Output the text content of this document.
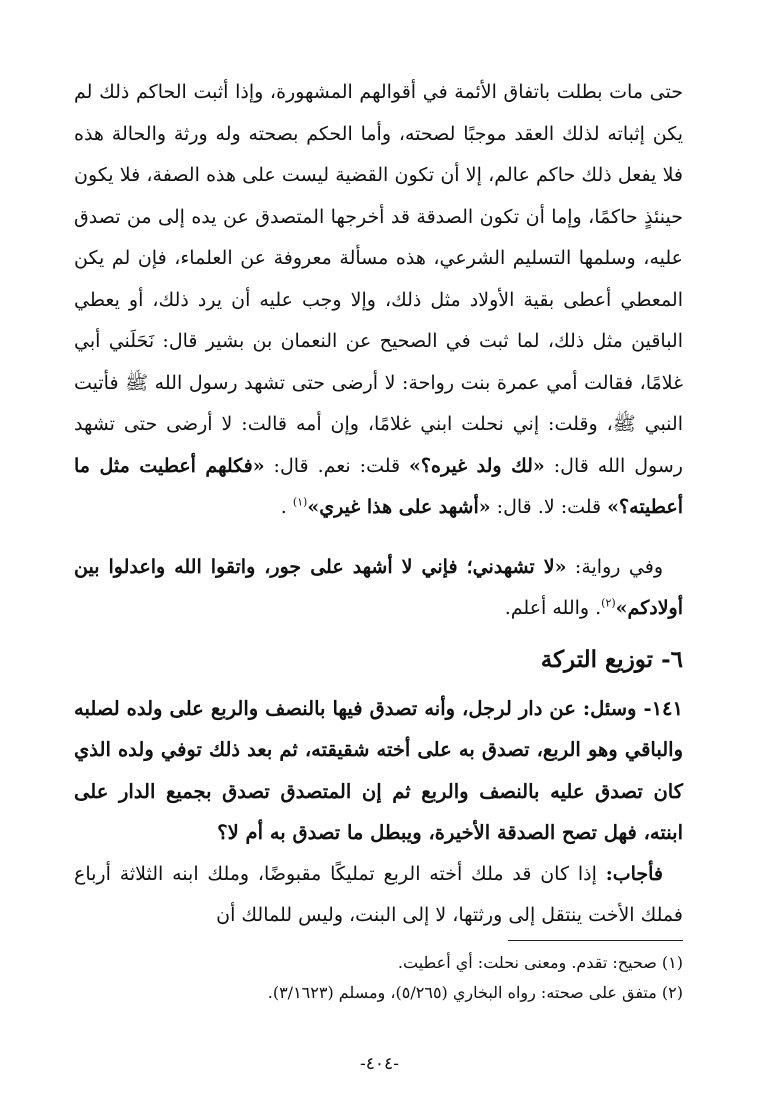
حتى مات بطلت باتفاق الأئمة في أقوالهم المشهورة، وإذا أثبت الحاكم ذلك لم يكن إثباته لذلك العقد موجبًا لصحته، وأما الحكم بصحته وله ورثة والحالة هذه فلا يفعل ذلك حاكم عالم، إلا أن تكون القضية ليست على هذه الصفة، فلا يكون حينئذٍ حاكمًا، وإما أن تكون الصدقة قد أخرجها المتصدق عن يده إلى من تصدق عليه، وسلمها التسليم الشرعي، هذه مسألة معروفة عن العلماء، فإن لم يكن المعطي أعطى بقية الأولاد مثل ذلك، وإلا وجب عليه أن يرد ذلك، أو يعطي الباقين مثل ذلك، لما ثبت في الصحيح عن النعمان بن بشير قال: نَحَلَني أبي غلامًا، فقالت أمي عمرة بنت رواحة: لا أرضى حتى تشهد رسول الله ﷺ فأتيت النبي ﷺ، وقلت: إني نحلت ابني غلامًا، وإن أمه قالت: لا أرضى حتى تشهد رسول الله قال: «لك ولد غيره؟» قلت: نعم. قال: «فكلهم أعطيت مثل ما أعطيته؟» قلت: لا. قال: «أشهد على هذا غيري»$^{(١)}$ .

وفي رواية: «لا تشهدني؛ فإني لا أشهد على جور، واتقوا الله واعدلوا بين أولادكم»$^{(٢)}$. والله أعلم.

٦- توزيع التركة

١٤١- وسئل: عن دار لرجل، وأنه تصدق فيها بالنصف والربع على ولده لصلبه والباقي وهو الربع، تصدق به على أخته شقيقته، ثم بعد ذلك توفي ولده الذي كان تصدق عليه بالنصف والربع ثم إن المتصدق تصدق بجميع الدار على ابنته، فهل تصح الصدقة الأخيرة، ويبطل ما تصدق به أم لا؟

فأجاب: إذا كان قد ملك أخته الربع تمليكًا مقبوضًا، وملك ابنه الثلاثة أرباع فملك الأخت ينتقل إلى ورثتها، لا إلى البنت، وليس للمالك أن

(١) صحيح: تقدم. ومعنى نحلت: أي أعطيت.

(٢) متفق على صحته: رواه البخاري (٥/٢٦٥)، ومسلم (٣/١٦٢٣).

-٤٠٤-
